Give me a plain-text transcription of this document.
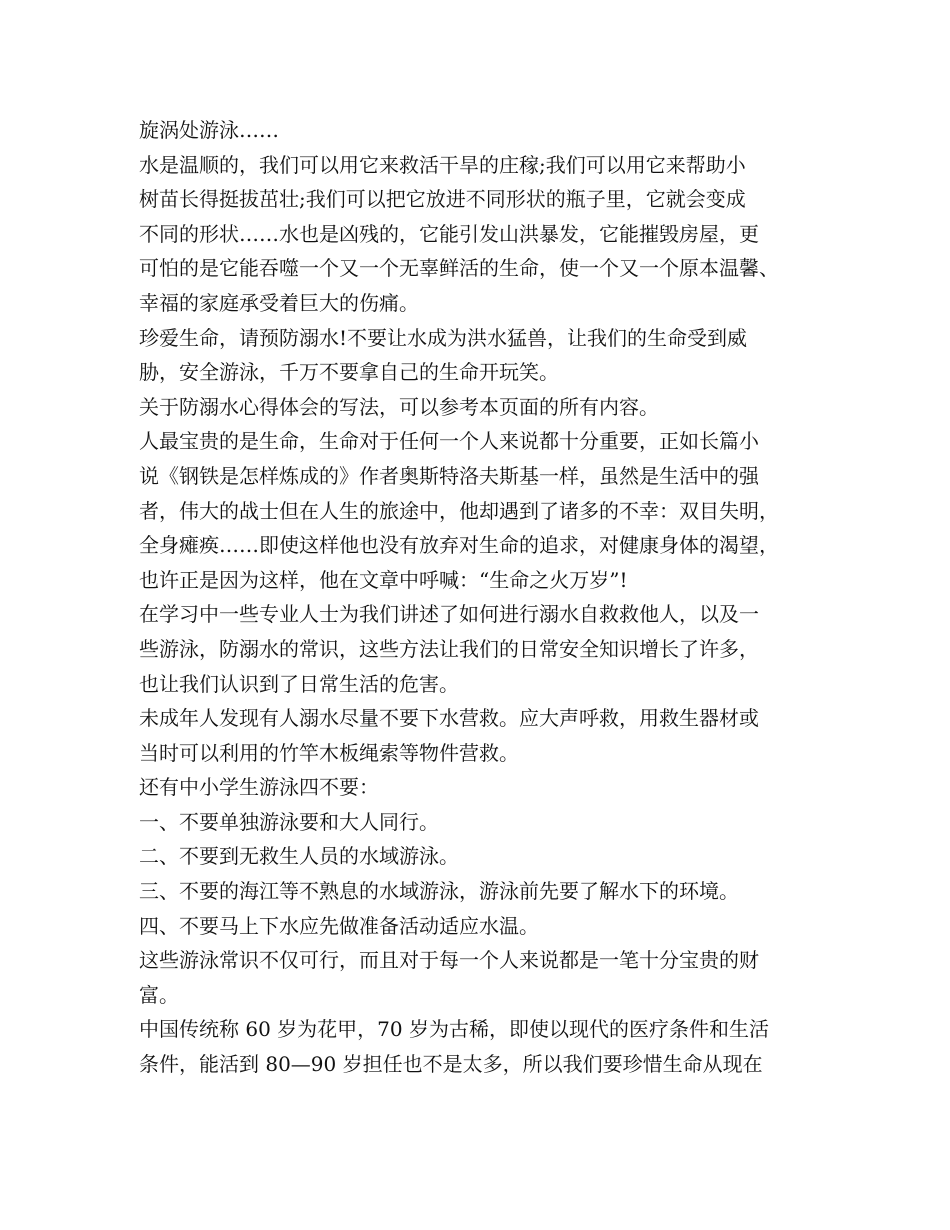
旋涡处游泳……
水是温顺的，我们可以用它来救活干旱的庄稼;我们可以用它来帮助小
树苗长得挺拔茁壮;我们可以把它放进不同形状的瓶子里，它就会变成
不同的形状……水也是凶残的，它能引发山洪暴发，它能摧毁房屋，更
可怕的是它能吞噬一个又一个无辜鲜活的生命，使一个又一个原本温馨、
幸福的家庭承受着巨大的伤痛。
珍爱生命，请预防溺水!不要让水成为洪水猛兽，让我们的生命受到威
胁，安全游泳，千万不要拿自己的生命开玩笑。
关于防溺水心得体会的写法，可以参考本页面的所有内容。
人最宝贵的是生命，生命对于任何一个人来说都十分重要，正如长篇小
说《钢铁是怎样炼成的》作者奥斯特洛夫斯基一样，虽然是生活中的强
者，伟大的战士但在人生的旅途中，他却遇到了诸多的不幸：双目失明，
全身瘫痪……即使这样他也没有放弃对生命的追求，对健康身体的渴望，
也许正是因为这样，他在文章中呼喊：“生命之火万岁”!
在学习中一些专业人士为我们讲述了如何进行溺水自救救他人，以及一
些游泳，防溺水的常识，这些方法让我们的日常安全知识增长了许多，
也让我们认识到了日常生活的危害。
未成年人发现有人溺水尽量不要下水营救。应大声呼救，用救生器材或
当时可以利用的竹竿木板绳索等物件营救。
还有中小学生游泳四不要：
一、不要单独游泳要和大人同行。
二、不要到无救生人员的水域游泳。
三、不要的海江等不熟息的水域游泳，游泳前先要了解水下的环境。
四、不要马上下水应先做准备活动适应水温。
这些游泳常识不仅可行，而且对于每一个人来说都是一笔十分宝贵的财
富。
中国传统称 60 岁为花甲，70 岁为古稀，即使以现代的医疗条件和生活
条件，能活到 80—90 岁担任也不是太多，所以我们要珍惜生命从现在
